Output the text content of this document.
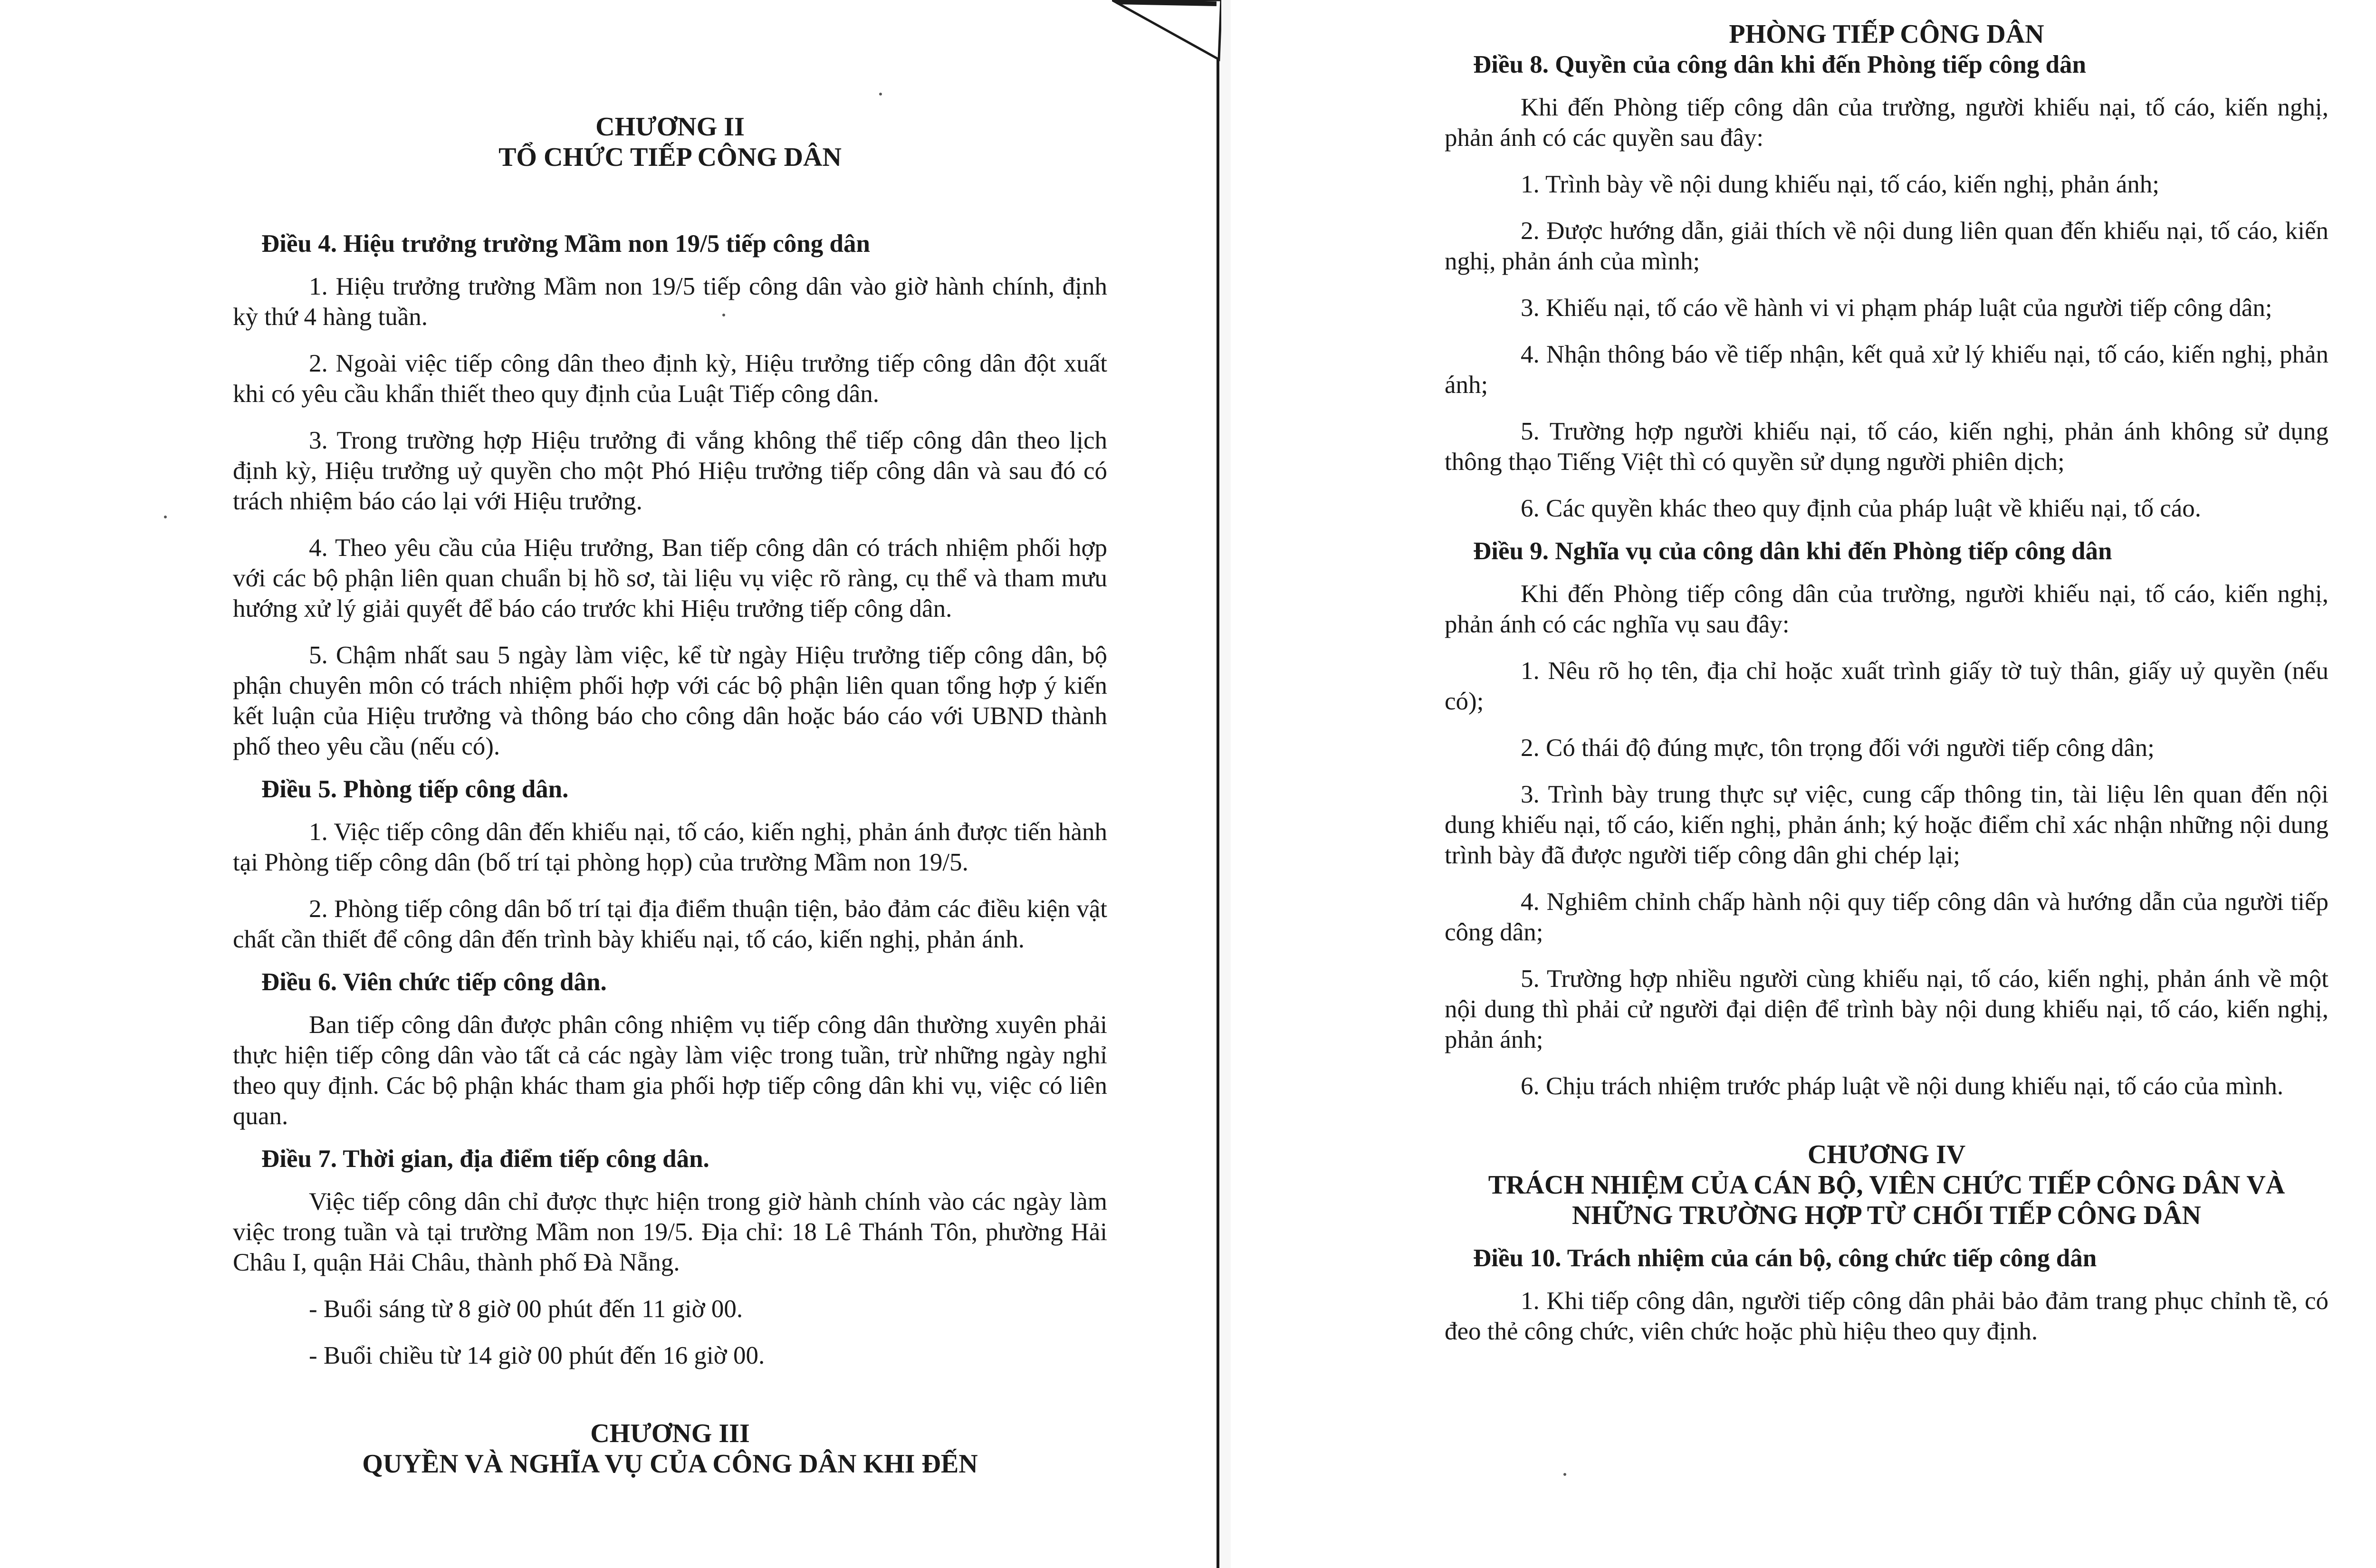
CHƯƠNG II
TỔ CHỨC TIẾP CÔNG DÂN

Điều 4. Hiệu trưởng trường Mầm non 19/5 tiếp công dân

1. Hiệu trưởng trường Mầm non 19/5 tiếp công dân vào giờ hành chính, định kỳ thứ 4 hàng tuần.

2. Ngoài việc tiếp công dân theo định kỳ, Hiệu trưởng tiếp công dân đột xuất khi có yêu cầu khẩn thiết theo quy định của Luật Tiếp công dân.

3. Trong trường hợp Hiệu trưởng đi vắng không thể tiếp công dân theo lịch định kỳ, Hiệu trưởng uỷ quyền cho một Phó Hiệu trưởng tiếp công dân và sau đó có trách nhiệm báo cáo lại với Hiệu trưởng.

4. Theo yêu cầu của Hiệu trưởng, Ban tiếp công dân có trách nhiệm phối hợp với các bộ phận liên quan chuẩn bị hồ sơ, tài liệu vụ việc rõ ràng, cụ thể và tham mưu hướng xử lý giải quyết để báo cáo trước khi Hiệu trưởng tiếp công dân.

5. Chậm nhất sau 5 ngày làm việc, kể từ ngày Hiệu trưởng tiếp công dân, bộ phận chuyên môn có trách nhiệm phối hợp với các bộ phận liên quan tổng hợp ý kiến kết luận của Hiệu trưởng và thông báo cho công dân hoặc báo cáo với UBND thành phố theo yêu cầu (nếu có).

Điều 5. Phòng tiếp công dân.

1. Việc tiếp công dân đến khiếu nại, tố cáo, kiến nghị, phản ánh được tiến hành tại Phòng tiếp công dân (bố trí tại phòng họp) của trường Mầm non 19/5.

2. Phòng tiếp công dân bố trí tại địa điểm thuận tiện, bảo đảm các điều kiện vật chất cần thiết để công dân đến trình bày khiếu nại, tố cáo, kiến nghị, phản ánh.

Điều 6. Viên chức tiếp công dân.

Ban tiếp công dân được phân công nhiệm vụ tiếp công dân thường xuyên phải thực hiện tiếp công dân vào tất cả các ngày làm việc trong tuần, trừ những ngày nghỉ theo quy định. Các bộ phận khác tham gia phối hợp tiếp công dân khi vụ, việc có liên quan.

Điều 7. Thời gian, địa điểm tiếp công dân.

Việc tiếp công dân chỉ được thực hiện trong giờ hành chính vào các ngày làm việc trong tuần và tại trường Mầm non 19/5. Địa chỉ: 18 Lê Thánh Tôn, phường Hải Châu I, quận Hải Châu, thành phố Đà Nẵng.

- Buổi sáng từ 8 giờ 00 phút đến 11 giờ 00.

- Buổi chiều từ 14 giờ 00 phút đến 16 giờ 00.

CHƯƠNG III
QUYỀN VÀ NGHĨA VỤ CỦA CÔNG DÂN KHI ĐẾN
PHÒNG TIẾP CÔNG DÂN

Điều 8. Quyền của công dân khi đến Phòng tiếp công dân

Khi đến Phòng tiếp công dân của trường, người khiếu nại, tố cáo, kiến nghị, phản ánh có các quyền sau đây:

1. Trình bày về nội dung khiếu nại, tố cáo, kiến nghị, phản ánh;

2. Được hướng dẫn, giải thích về nội dung liên quan đến khiếu nại, tố cáo, kiến nghị, phản ánh của mình;

3. Khiếu nại, tố cáo về hành vi vi phạm pháp luật của người tiếp công dân;

4. Nhận thông báo về tiếp nhận, kết quả xử lý khiếu nại, tố cáo, kiến nghị, phản ánh;

5. Trường hợp người khiếu nại, tố cáo, kiến nghị, phản ánh không sử dụng thông thạo Tiếng Việt thì có quyền sử dụng người phiên dịch;

6. Các quyền khác theo quy định của pháp luật về khiếu nại, tố cáo.

Điều 9. Nghĩa vụ của công dân khi đến Phòng tiếp công dân

Khi đến Phòng tiếp công dân của trường, người khiếu nại, tố cáo, kiến nghị, phản ánh có các nghĩa vụ sau đây:

1. Nêu rõ họ tên, địa chỉ hoặc xuất trình giấy tờ tuỳ thân, giấy uỷ quyền (nếu có);

2. Có thái độ đúng mực, tôn trọng đối với người tiếp công dân;

3. Trình bày trung thực sự việc, cung cấp thông tin, tài liệu lên quan đến nội dung khiếu nại, tố cáo, kiến nghị, phản ánh; ký hoặc điểm chỉ xác nhận những nội dung trình bày đã được người tiếp công dân ghi chép lại;

4. Nghiêm chỉnh chấp hành nội quy tiếp công dân và hướng dẫn của người tiếp công dân;

5. Trường hợp nhiều người cùng khiếu nại, tố cáo, kiến nghị, phản ánh về một nội dung thì phải cử người đại diện để trình bày nội dung khiếu nại, tố cáo, kiến nghị, phản ánh;

6. Chịu trách nhiệm trước pháp luật về nội dung khiếu nại, tố cáo của mình.

CHƯƠNG IV
TRÁCH NHIỆM CỦA CÁN BỘ, VIÊN CHỨC TIẾP CÔNG DÂN VÀ
NHỮNG TRƯỜNG HỢP TỪ CHỐI TIẾP CÔNG DÂN

Điều 10. Trách nhiệm của cán bộ, công chức tiếp công dân

1. Khi tiếp công dân, người tiếp công dân phải bảo đảm trang phục chỉnh tề, có đeo thẻ công chức, viên chức hoặc phù hiệu theo quy định.
